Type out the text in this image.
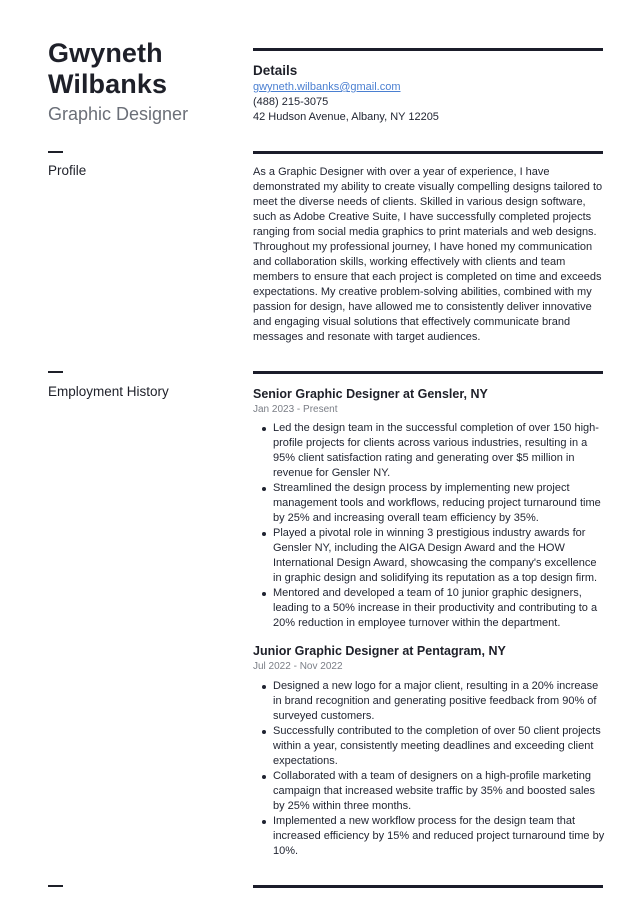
Gwyneth Wilbanks
Graphic Designer
Details
gwyneth.wilbanks@gmail.com
(488) 215-3075
42 Hudson Avenue, Albany, NY 12205
Profile	As a Graphic Designer with over a year of experience, I have demonstrated my ability to create visually compelling designs tailored to meet the diverse needs of clients. Skilled in various design software, such as Adobe Creative Suite, I have successfully completed projects ranging from social media graphics to print materials and web designs. Throughout my professional journey, I have honed my communication and collaboration skills, working effectively with clients and team members to ensure that each project is completed on time and exceeds expectations. My creative problem-solving abilities, combined with my passion for design, have allowed me to consistently deliver innovative and engaging visual solutions that effectively communicate brand messages and resonate with target audiences.

Employment History	Senior Graphic Designer at Gensler, NY
Jan 2023 - Present
Led the design team in the successful completion of over 150 high-profile projects for clients across various industries, resulting in a 95% client satisfaction rating and generating over $5 million in revenue for Gensler NY.
Streamlined the design process by implementing new project management tools and workflows, reducing project turnaround time by 25% and increasing overall team efficiency by 35%.
Played a pivotal role in winning 3 prestigious industry awards for Gensler NY, including the AIGA Design Award and the HOW International Design Award, showcasing the company's excellence in graphic design and solidifying its reputation as a top design firm.
Mentored and developed a team of 10 junior graphic designers, leading to a 50% increase in their productivity and contributing to a 20% reduction in employee turnover within the department.
Junior Graphic Designer at Pentagram, NY
Jul 2022 - Nov 2022
Designed a new logo for a major client, resulting in a 20% increase in brand recognition and generating positive feedback from 90% of surveyed customers.
Successfully contributed to the completion of over 50 client projects within a year, consistently meeting deadlines and exceeding client expectations.
Collaborated with a team of designers on a high-profile marketing campaign that increased website traffic by 35% and boosted sales by 25% within three months.
Implemented a new workflow process for the design team that increased efficiency by 15% and reduced project turnaround time by 10%.
